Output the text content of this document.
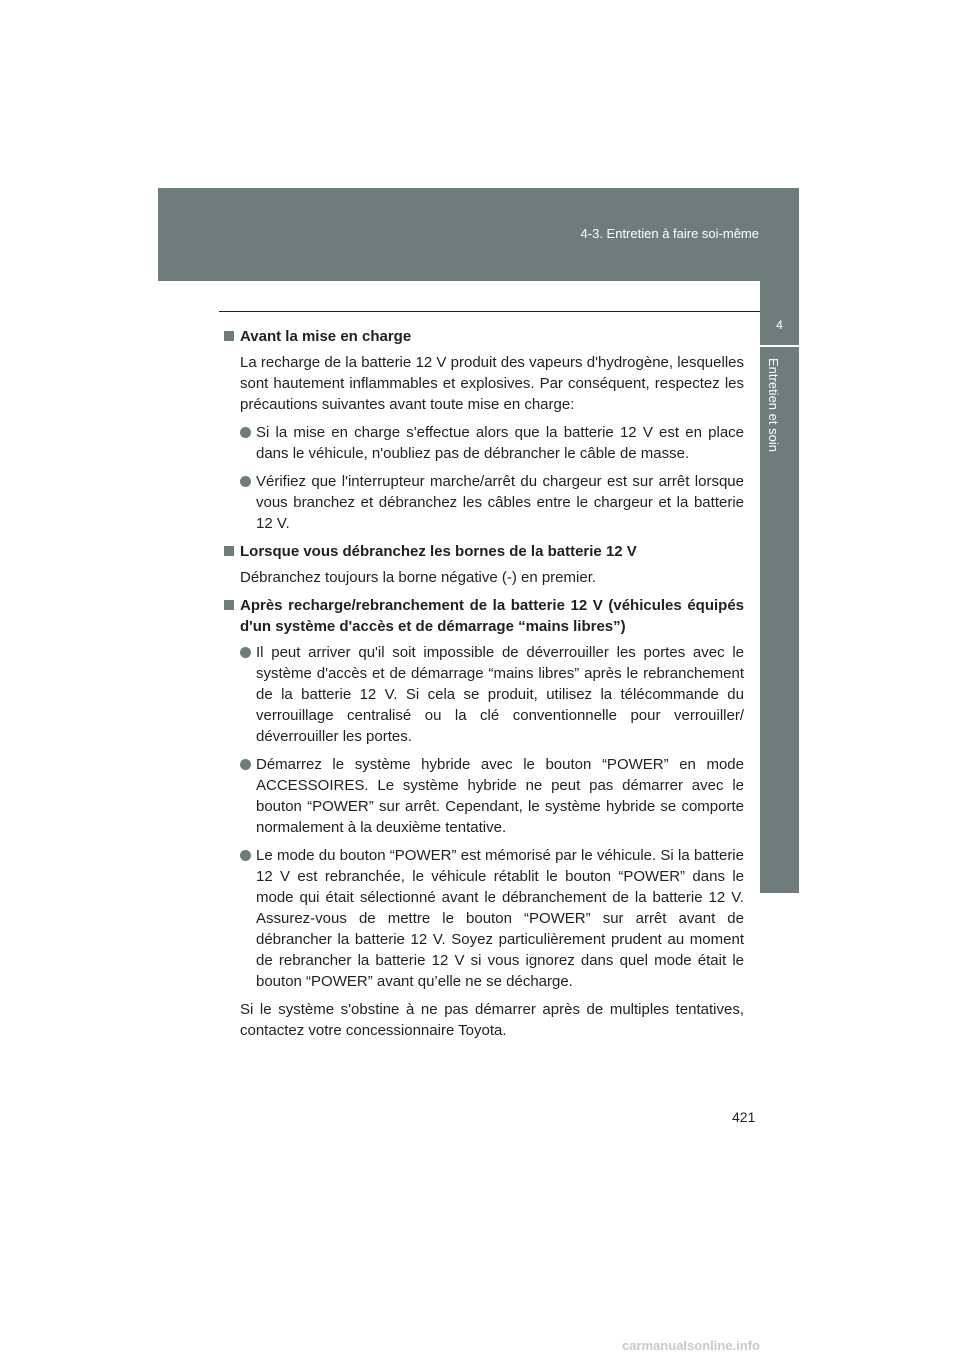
4-3. Entretien à faire soi-même
4
Entretien et soin
Avant la mise en charge
La recharge de la batterie 12 V produit des vapeurs d'hydrogène, lesquelles sont hautement inflammables et explosives. Par conséquent, respectez les précautions suivantes avant toute mise en charge:
Si la mise en charge s'effectue alors que la batterie 12 V est en place dans le véhicule, n'oubliez pas de débrancher le câble de masse.
Vérifiez que l'interrupteur marche/arrêt du chargeur est sur arrêt lorsque vous branchez et débranchez les câbles entre le chargeur et la batterie 12 V.
Lorsque vous débranchez les bornes de la batterie 12 V
Débranchez toujours la borne négative (-) en premier.
Après recharge/rebranchement de la batterie 12 V (véhicules équipés d'un système d'accès et de démarrage “mains libres”)
Il peut arriver qu'il soit impossible de déverrouiller les portes avec le système d'accès et de démarrage “mains libres” après le rebranchement de la batterie 12 V. Si cela se produit, utilisez la télécommande du verrouillage centralisé ou la clé conventionnelle pour verrouiller/ déverrouiller les portes.
Démarrez le système hybride avec le bouton “POWER” en mode ACCESSOIRES. Le système hybride ne peut pas démarrer avec le bouton “POWER” sur arrêt. Cependant, le système hybride se comporte normalement à la deuxième tentative.
Le mode du bouton “POWER” est mémorisé par le véhicule. Si la batterie 12 V est rebranchée, le véhicule rétablit le bouton “POWER” dans le mode qui était sélectionné avant le débranchement de la batterie 12 V. Assurez-vous de mettre le bouton “POWER” sur arrêt avant de débrancher la batterie 12 V. Soyez particulièrement prudent au moment de rebrancher la batterie 12 V si vous ignorez dans quel mode était le bouton “POWER” avant qu’elle ne se décharge.
Si le système s'obstine à ne pas démarrer après de multiples tentatives, contactez votre concessionnaire Toyota.
421
carmanualsonline.info
